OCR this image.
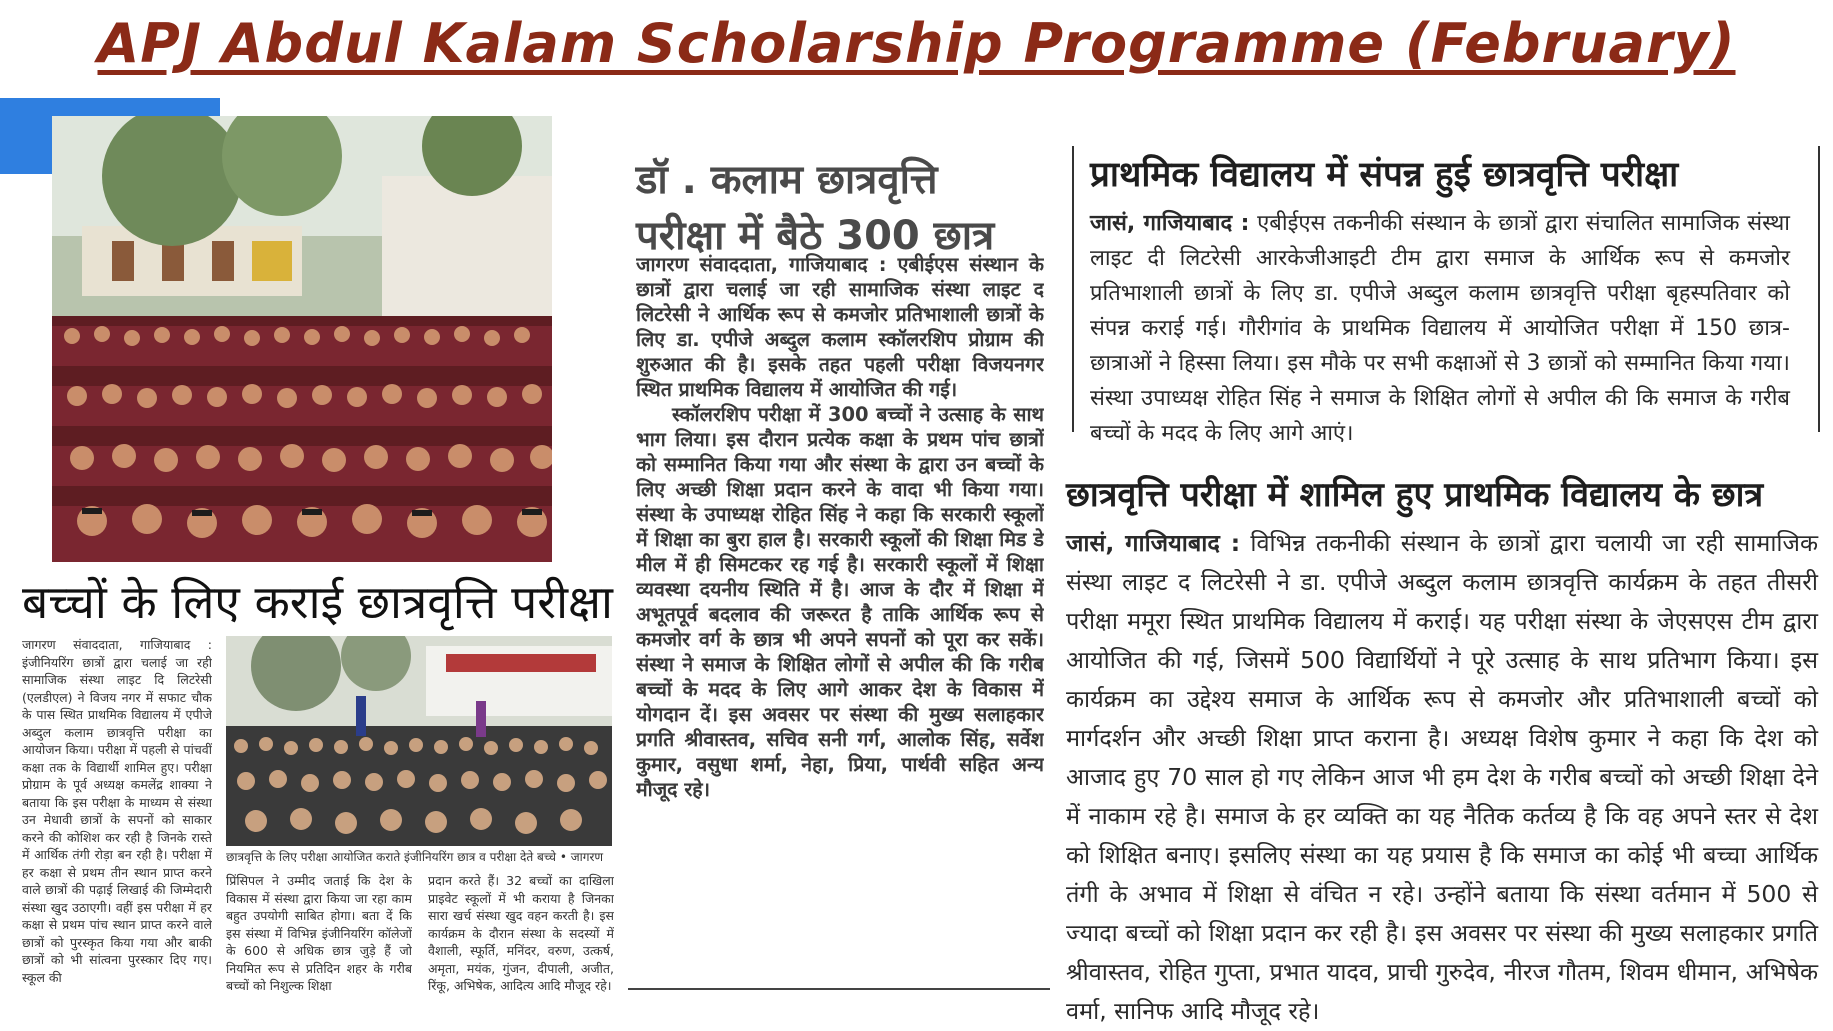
APJ Abdul Kalam Scholarship Programme (February)
बच्चों के लिए कराई छात्रवृत्ति परीक्षा
जागरण संवाददाता, गाजियाबाद : इंजीनियरिंग छात्रों द्वारा चलाई जा रही सामाजिक संस्था लाइट दि लिटरेसी (एलडीएल) ने विजय नगर में सफाट चौक के पास स्थित प्राथमिक विद्यालय में एपीजे अब्दुल कलाम छात्रवृत्ति परीक्षा का आयोजन किया। परीक्षा में पहली से पांचवीं कक्षा तक के विद्यार्थी शामिल हुए। परीक्षा प्रोग्राम के पूर्व अध्यक्ष कमलेंद्र शाक्या ने बताया कि इस परीक्षा के माध्यम से संस्था उन मेधावी छात्रों के सपनों को साकार करने की कोशिश कर रही है जिनके रास्ते में आर्थिक तंगी रोड़ा बन रही है। परीक्षा में हर कक्षा से प्रथम तीन स्थान प्राप्त करने वाले छात्रों की पढ़ाई लिखाई की जिम्मेदारी संस्था खुद उठाएगी। वहीं इस परीक्षा में हर कक्षा से प्रथम पांच स्थान प्राप्त करने वाले छात्रों को पुरस्कृत किया गया और बाकी छात्रों को भी सांत्वना पुरस्कार दिए गए। स्कूल की
छात्रवृत्ति के लिए परीक्षा आयोजित कराते इंजीनियरिंग छात्र व परीक्षा देते बच्चे • जागरण
प्रिंसिपल ने उम्मीद जताई कि देश के विकास में संस्था द्वारा किया जा रहा काम बहुत उपयोगी साबित होगा। बता दें कि इस संस्था में विभिन्न इंजीनियरिंग कॉलेजों के 600 से अधिक छात्र जुड़े हैं जो नियमित रूप से प्रतिदिन शहर के गरीब बच्चों को निशुल्क शिक्षा
प्रदान करते हैं। 32 बच्चों का दाखिला प्राइवेट स्कूलों में भी कराया है जिनका सारा खर्च संस्था खुद वहन करती है। इस कार्यक्रम के दौरान संस्था के सदस्यों में वैशाली, स्फूर्ति, मनिंदर, वरुण, उत्कर्ष, अमृता, मयंक, गुंजन, दीपाली, अजीत, रिंकू, अभिषेक, आदित्य आदि मौजूद रहे।
डॉ . कलाम छात्रवृत्ति
परीक्षा में बैठे 300 छात्र
जागरण संवाददाता, गाजियाबाद : एबीईएस संस्थान के छात्रों द्वारा चलाई जा रही सामाजिक संस्था लाइट द लिटरेसी ने आर्थिक रूप से कमजोर प्रतिभाशाली छात्रों के लिए डा. एपीजे अब्दुल कलाम स्कॉलरशिप प्रोग्राम की शुरुआत की है। इसके तहत पहली परीक्षा विजयनगर स्थित प्राथमिक विद्यालय में आयोजित की गई।
स्कॉलरशिप परीक्षा में 300 बच्चों ने उत्साह के साथ भाग लिया। इस दौरान प्रत्येक कक्षा के प्रथम पांच छात्रों को सम्मानित किया गया और संस्था के द्वारा उन बच्चों के लिए अच्छी शिक्षा प्रदान करने के वादा भी किया गया। संस्था के उपाध्यक्ष रोहित सिंह ने कहा कि सरकारी स्कूलों में शिक्षा का बुरा हाल है। सरकारी स्कूलों की शिक्षा मिड डे मील में ही सिमटकर रह गई है। सरकारी स्कूलों में शिक्षा व्यवस्था दयनीय स्थिति में है। आज के दौर में शिक्षा में अभूतपूर्व बदलाव की जरूरत है ताकि आर्थिक रूप से कमजोर वर्ग के छात्र भी अपने सपनों को पूरा कर सकें। संस्था ने समाज के शिक्षित लोगों से अपील की कि गरीब बच्चों के मदद के लिए आगे आकर देश के विकास में योगदान दें। इस अवसर पर संस्था की मुख्य सलाहकार प्रगति श्रीवास्तव, सचिव सनी गर्ग, आलोक सिंह, सर्वेश कुमार, वसुधा शर्मा, नेहा, प्रिया, पार्थवी सहित अन्य मौजूद रहे।
प्राथमिक विद्यालय में संपन्न हुई छात्रवृत्ति परीक्षा
जासं, गाजियाबाद : एबीईएस तकनीकी संस्थान के छात्रों द्वारा संचालित सामाजिक संस्था लाइट दी लिटरेसी आरकेजीआइटी टीम द्वारा समाज के आर्थिक रूप से कमजोर प्रतिभाशाली छात्रों के लिए डा. एपीजे अब्दुल कलाम छात्रवृत्ति परीक्षा बृहस्पतिवार को संपन्न कराई गई। गौरीगांव के प्राथमिक विद्यालय में आयोजित परीक्षा में 150 छात्र-छात्राओं ने हिस्सा लिया। इस मौके पर सभी कक्षाओं से 3 छात्रों को सम्मानित किया गया। संस्था उपाध्यक्ष रोहित सिंह ने समाज के शिक्षित लोगों से अपील की कि समाज के गरीब बच्चों के मदद के लिए आगे आएं।
छात्रवृत्ति परीक्षा में शामिल हुए प्राथमिक विद्यालय के छात्र
जासं, गाजियाबाद : विभिन्न तकनीकी संस्थान के छात्रों द्वारा चलायी जा रही सामाजिक संस्था लाइट द लिटरेसी ने डा. एपीजे अब्दुल कलाम छात्रवृत्ति कार्यक्रम के तहत तीसरी परीक्षा ममूरा स्थित प्राथमिक विद्यालय में कराई। यह परीक्षा संस्था के जेएसएस टीम द्वारा आयोजित की गई, जिसमें 500 विद्यार्थियों ने पूरे उत्साह के साथ प्रतिभाग किया। इस कार्यक्रम का उद्देश्य समाज के आर्थिक रूप से कमजोर और प्रतिभाशाली बच्चों को मार्गदर्शन और अच्छी शिक्षा प्राप्त कराना है। अध्यक्ष विशेष कुमार ने कहा कि देश को आजाद हुए 70 साल हो गए लेकिन आज भी हम देश के गरीब बच्चों को अच्छी शिक्षा देने में नाकाम रहे है। समाज के हर व्यक्ति का यह नैतिक कर्तव्य है कि वह अपने स्तर से देश को शिक्षित बनाए। इसलिए संस्था का यह प्रयास है कि समाज का कोई भी बच्चा आर्थिक तंगी के अभाव में शिक्षा से वंचित न रहे। उन्होंने बताया कि संस्था वर्तमान में 500 से ज्यादा बच्चों को शिक्षा प्रदान कर रही है। इस अवसर पर संस्था की मुख्य सलाहकार प्रगति श्रीवास्तव, रोहित गुप्ता, प्रभात यादव, प्राची गुरुदेव, नीरज गौतम, शिवम धीमान, अभिषेक वर्मा, सानिफ आदि मौजूद रहे।
